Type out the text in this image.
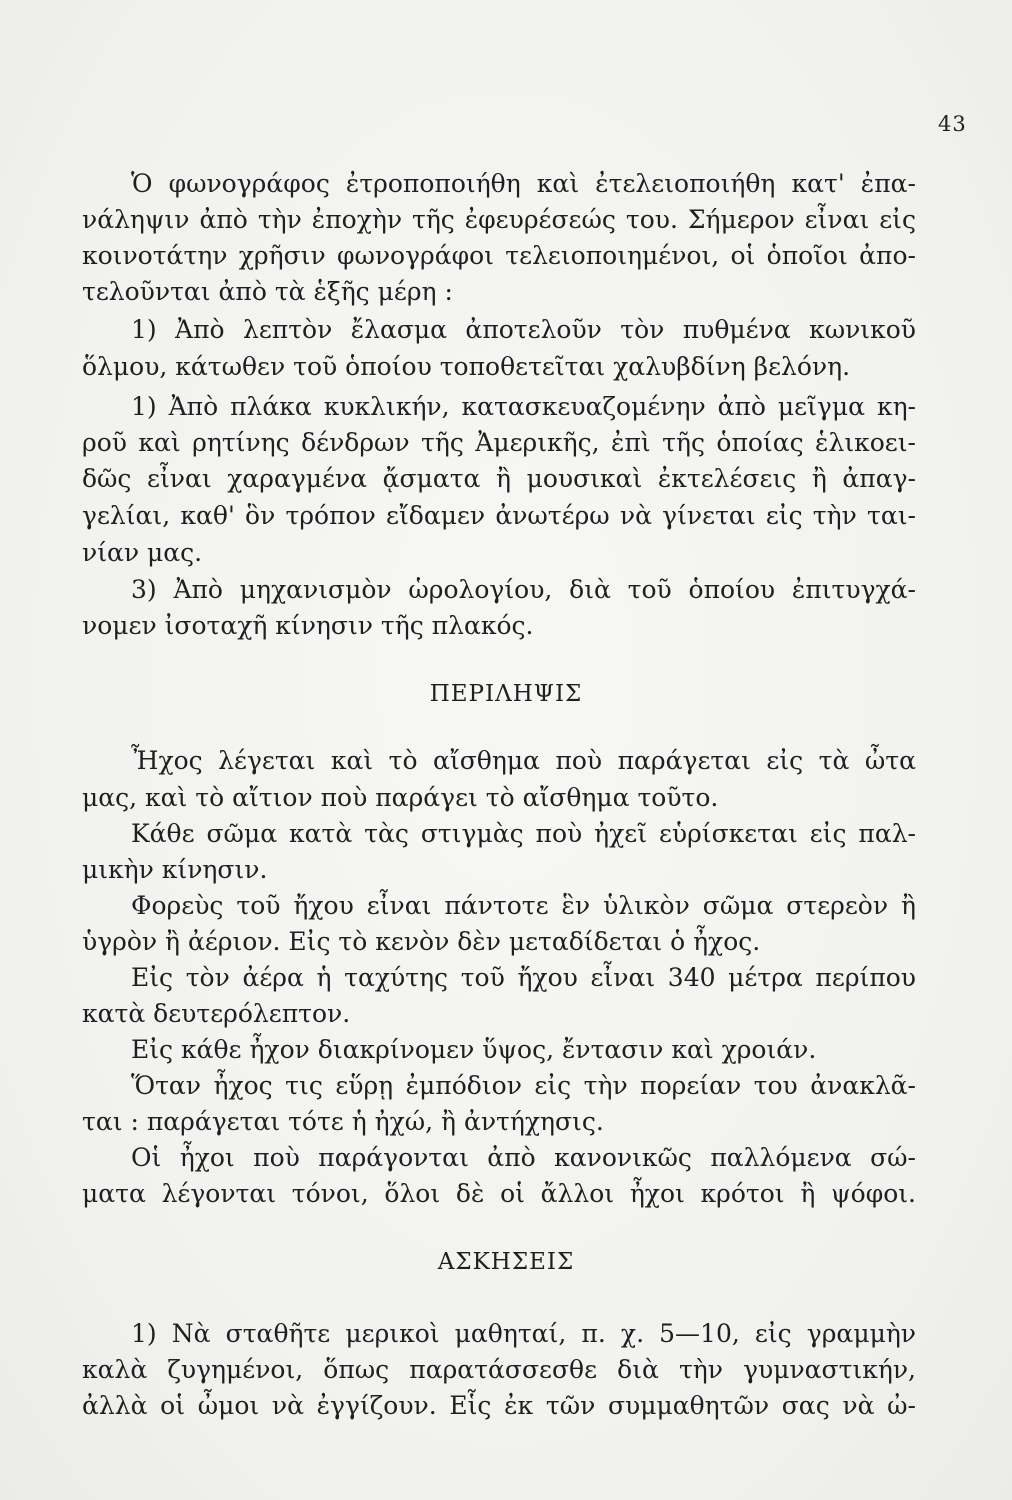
43
Ὁ φωνογράφος ἐτροποποιήθη καὶ ἐτελειοποιήθη κατ' ἐπα-
νάληψιν ἀπὸ τὴν ἐποχὴν τῆς ἐφευρέσεώς του. Σήμερον εἶναι εἰς
κοινοτάτην χρῆσιν φωνογράφοι τελειοποιημένοι, οἱ ὁποῖοι ἀπο-
τελοῦνται ἀπὸ τὰ ἑξῆς μέρη :
1) Ἀπὸ λεπτὸν ἔλασμα ἀποτελοῦν τὸν πυθμένα κωνικοῦ
ὅλμου, κάτωθεν τοῦ ὁποίου τοποθετεῖται χαλυβδίνη βελόνη.
1) Ἀπὸ πλάκα κυκλικήν, κατασκευαζομένην ἀπὸ μεῖγμα κη-
ροῦ καὶ ρητίνης δένδρων τῆς Ἀμερικῆς, ἐπὶ τῆς ὁποίας ἑλικοει-
δῶς εἶναι χαραγμένα ᾄσματα ἢ μουσικαὶ ἐκτελέσεις ἢ ἀπαγ-
γελίαι, καθ' ὃν τρόπον εἴδαμεν ἀνωτέρω νὰ γίνεται εἰς τὴν ται-
νίαν μας.
3) Ἀπὸ μηχανισμὸν ὡρολογίου, διὰ τοῦ ὁποίου ἐπιτυγχά-
νομεν ἰσοταχῆ κίνησιν τῆς πλακός.
ΠΕΡΙΛΗΨΙΣ
Ἦχος λέγεται καὶ τὸ αἴσθημα ποὺ παράγεται εἰς τὰ ὦτα
μας, καὶ τὸ αἴτιον ποὺ παράγει τὸ αἴσθημα τοῦτο.
Κάθε σῶμα κατὰ τὰς στιγμὰς ποὺ ἠχεῖ εὑρίσκεται εἰς παλ-
μικὴν κίνησιν.
Φορεὺς τοῦ ἤχου εἶναι πάντοτε ἓν ὑλικὸν σῶμα στερεὸν ἢ
ὑγρὸν ἢ ἀέριον. Εἰς τὸ κενὸν δὲν μεταδίδεται ὁ ἦχος.
Εἰς τὸν ἀέρα ἡ ταχύτης τοῦ ἤχου εἶναι 340 μέτρα περίπου
κατὰ δευτερόλεπτον.
Εἰς κάθε ἦχον διακρίνομεν ὕψος, ἔντασιν καὶ χροιάν.
Ὅταν ἦχος τις εὕρῃ ἐμπόδιον εἰς τὴν πορείαν του ἀνακλᾶ-
ται : παράγεται τότε ἡ ἠχώ, ἢ ἀντήχησις.
Οἱ ἦχοι ποὺ παράγονται ἀπὸ κανονικῶς παλλόμενα σώ-
ματα λέγονται τόνοι, ὅλοι δὲ οἱ ἄλλοι ἦχοι κρότοι ἢ ψόφοι.
ΑΣΚΗΣΕΙΣ
1) Νὰ σταθῆτε μερικοὶ μαθηταί, π. χ. 5—10, εἰς γραμμὴν
καλὰ ζυγημένοι, ὅπως παρατάσσεσθε διὰ τὴν γυμναστικήν,
ἀλλὰ οἱ ὦμοι νὰ ἐγγίζουν. Εἷς ἐκ τῶν συμμαθητῶν σας νὰ ὠ-
